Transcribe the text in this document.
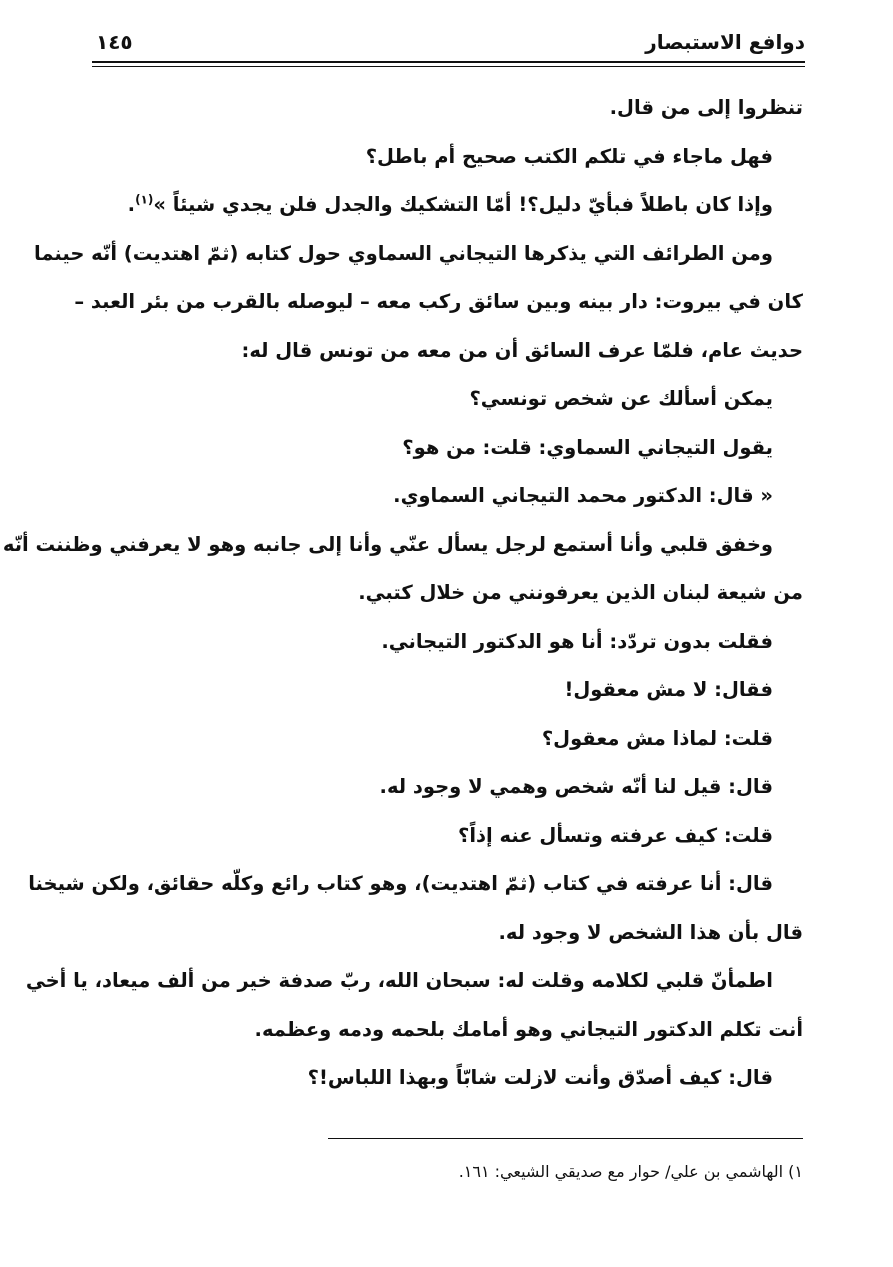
دوافع الاستبصار
١٤٥
تنظروا إلى من قال.
فهل ماجاء في تلكم الكتب صحيح أم باطل؟
وإذا كان باطلاً فبأيّ دليل؟! أمّا التشكيك والجدل فلن يجدي شيئاً »$^{(١)}$.
ومن الطرائف التي يذكرها التيجاني السماوي حول كتابه (ثمّ اهتديت) أنّه حينما
كان في بيروت: دار بينه وبين سائق ركب معه – ليوصله بالقرب من بئر العبد –
حديث عام، فلمّا عرف السائق أن من معه من تونس قال له:
يمكن أسألك عن شخص تونسي؟
يقول التيجاني السماوي: قلت: من هو؟
« قال: الدكتور محمد التيجاني السماوي.
وخفق قلبي وأنا أستمع لرجل يسأل عنّي وأنا إلى جانبه وهو لا يعرفني وظننت أنّه
من شيعة لبنان الذين يعرفونني من خلال كتبي.
فقلت بدون تردّد: أنا هو الدكتور التيجاني.
فقال: لا مش معقول!
قلت: لماذا مش معقول؟
قال: قيل لنا أنّه شخص وهمي لا وجود له.
قلت: كيف عرفته وتسأل عنه إذاً؟
قال: أنا عرفته في كتاب (ثمّ اهتديت)، وهو كتاب رائع وكلّه حقائق، ولكن شيخنا
قال بأن هذا الشخص لا وجود له.
اطمأنّ قلبي لكلامه وقلت له: سبحان الله، ربّ صدفة خير من ألف ميعاد، يا أخي
أنت تكلم الدكتور التيجاني وهو أمامك بلحمه ودمه وعظمه.
قال: كيف أصدّق وأنت لازلت شابّاً وبهذا اللباس!؟
١) الهاشمي بن علي/ حوار مع صديقي الشيعي: ١٦١.
